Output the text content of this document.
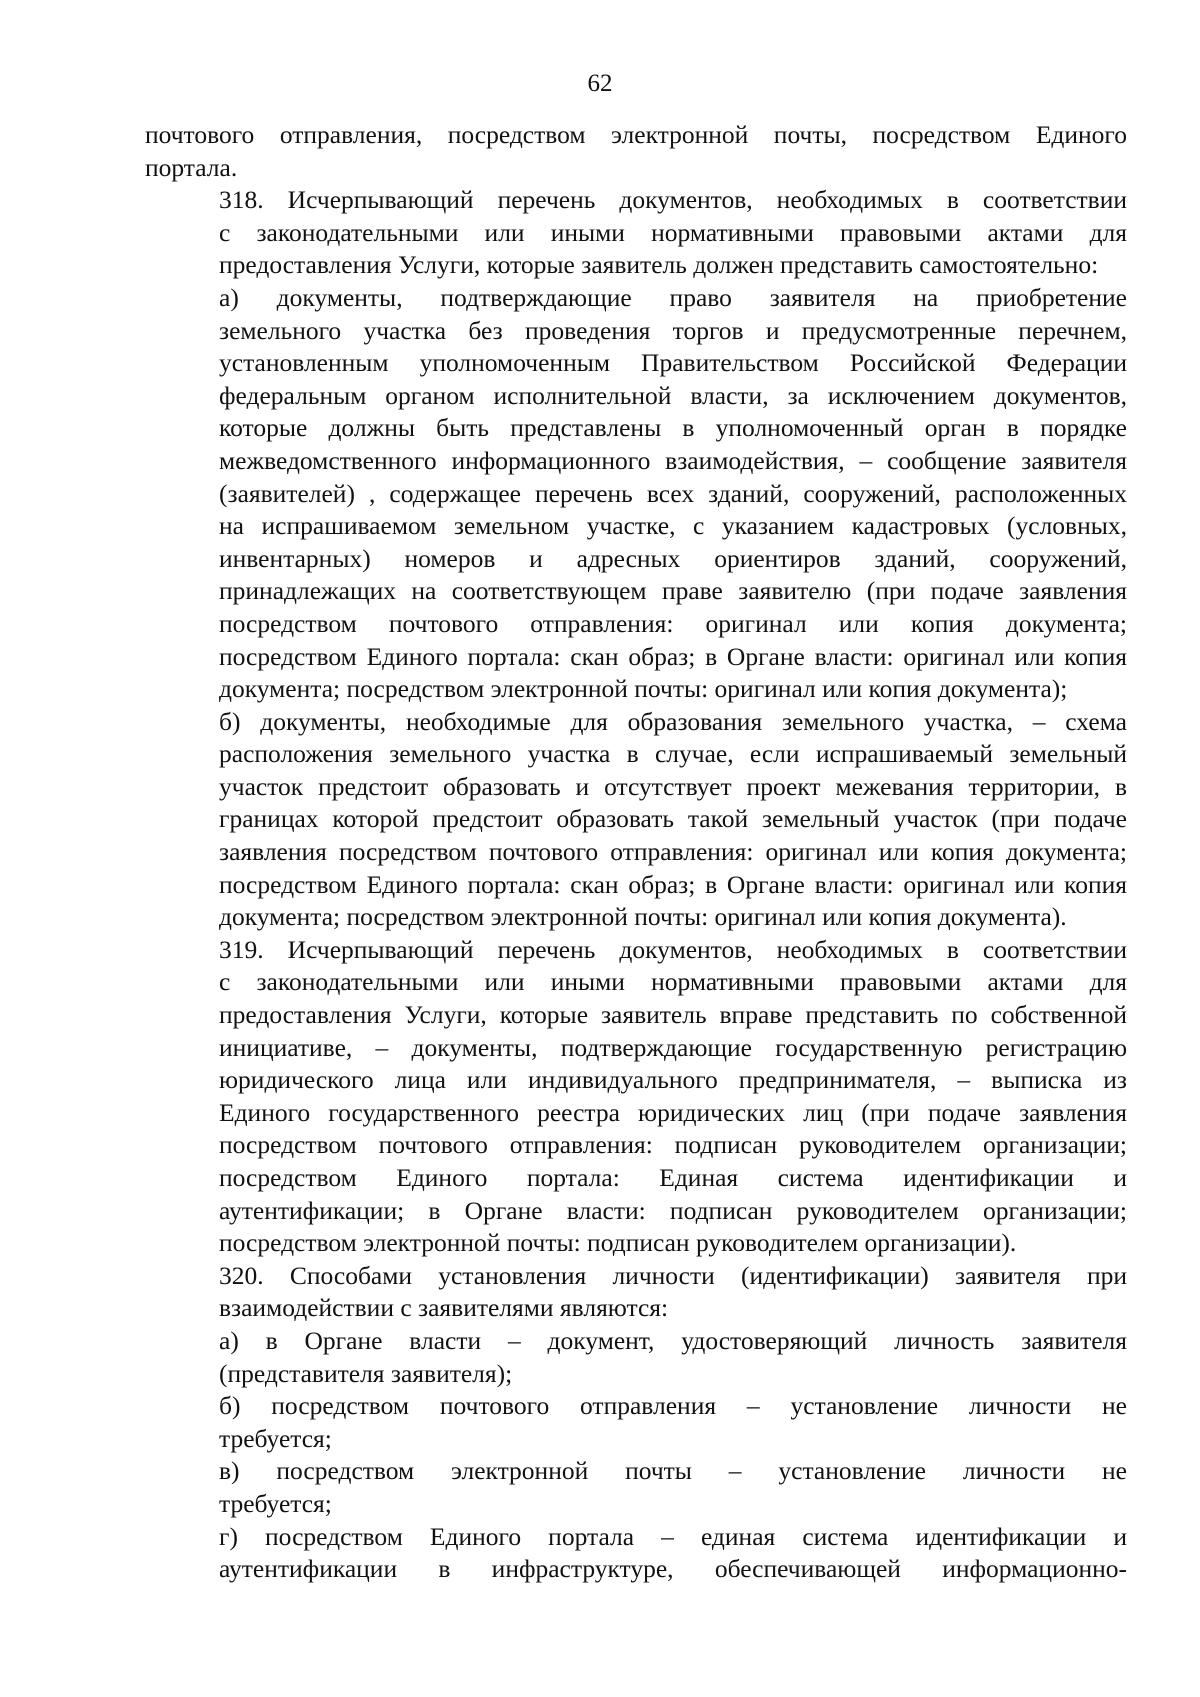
62
почтового отправления, посредством электронной почты, посредством Единого
портала.
318. Исчерпывающий перечень документов, необходимых в соответствии
с законодательными или иными нормативными правовыми актами для
предоставления Услуги, которые заявитель должен представить самостоятельно:
а) документы, подтверждающие право заявителя на приобретение
земельного участка без проведения торгов и предусмотренные перечнем,
установленным уполномоченным Правительством Российской Федерации
федеральным органом исполнительной власти, за исключением документов,
которые должны быть представлены в уполномоченный орган в порядке
межведомственного информационного взаимодействия, – сообщение заявителя
(заявителей) , содержащее перечень всех зданий, сооружений, расположенных
на испрашиваемом земельном участке, с указанием кадастровых (условных,
инвентарных) номеров и адресных ориентиров зданий, сооружений,
принадлежащих на соответствующем праве заявителю (при подаче заявления
посредством почтового отправления: оригинал или копия документа;
посредством Единого портала: скан образ; в Органе власти: оригинал или копия
документа; посредством электронной почты: оригинал или копия документа);
б) документы, необходимые для образования земельного участка, – схема
расположения земельного участка в случае, если испрашиваемый земельный
участок предстоит образовать и отсутствует проект межевания территории, в
границах которой предстоит образовать такой земельный участок (при подаче
заявления посредством почтового отправления: оригинал или копия документа;
посредством Единого портала: скан образ; в Органе власти: оригинал или копия
документа; посредством электронной почты: оригинал или копия документа).
319. Исчерпывающий перечень документов, необходимых в соответствии
с законодательными или иными нормативными правовыми актами для
предоставления Услуги, которые заявитель вправе представить по собственной
инициативе, – документы, подтверждающие государственную регистрацию
юридического лица или индивидуального предпринимателя, – выписка из
Единого государственного реестра юридических лиц (при подаче заявления
посредством почтового отправления: подписан руководителем организации;
посредством Единого портала: Единая система идентификации и
аутентификации; в Органе власти: подписан руководителем организации;
посредством электронной почты: подписан руководителем организации).
320. Способами установления личности (идентификации) заявителя при
взаимодействии с заявителями являются:
а) в Органе власти – документ, удостоверяющий личность заявителя
(представителя заявителя);
б) посредством почтового отправления – установление личности не
требуется;
в) посредством электронной почты – установление личности не
требуется;
г) посредством Единого портала – единая система идентификации и
аутентификации в инфраструктуре, обеспечивающей информационно-
